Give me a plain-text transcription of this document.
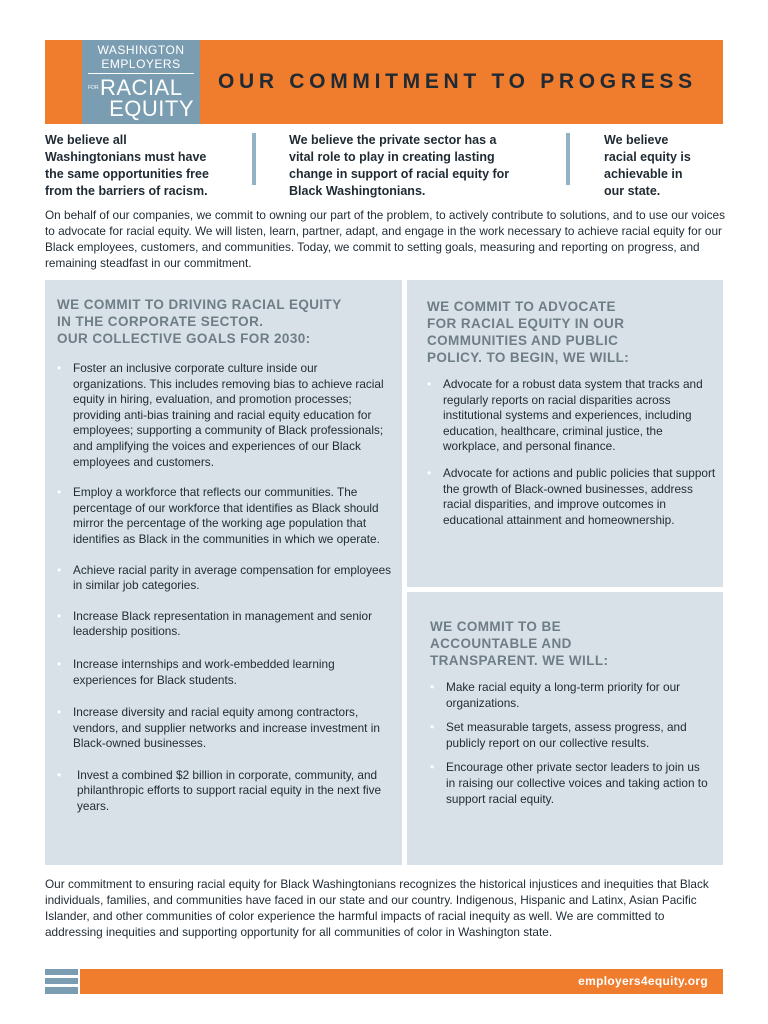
WASHINGTON
EMPLOYERS
FOR RACIAL
EQUITY
OUR COMMITMENT TO PROGRESS
We believe all
Washingtonians must have
the same opportunities free
from the barriers of racism.
We believe the private sector has a
vital role to play in creating lasting
change in support of racial equity for
Black Washingtonians.
We believe
racial equity is
achievable in
our state.
On behalf of our companies, we commit to owning our part of the problem, to actively contribute to solutions, and to use our voices to advocate for racial equity. We will listen, learn, partner, adapt, and engage in the work necessary to achieve racial equity for our Black employees, customers, and communities. Today, we commit to setting goals, measuring and reporting on progress, and remaining steadfast in our commitment.
WE COMMIT TO DRIVING RACIAL EQUITY
IN THE CORPORATE SECTOR.
OUR COLLECTIVE GOALS FOR 2030:
• Foster an inclusive corporate culture inside our organizations. This includes removing bias to achieve racial equity in hiring, evaluation, and promotion processes; providing anti-bias training and racial equity education for employees; supporting a community of Black professionals; and amplifying the voices and experiences of our Black employees and customers.
• Employ a workforce that reflects our communities. The percentage of our workforce that identifies as Black should mirror the percentage of the working age population that identifies as Black in the communities in which we operate.
• Achieve racial parity in average compensation for employees in similar job categories.
• Increase Black representation in management and senior leadership positions.
• Increase internships and work-embedded learning experiences for Black students.
• Increase diversity and racial equity among contractors, vendors, and supplier networks and increase investment in Black-owned businesses.
• Invest a combined $2 billion in corporate, community, and philanthropic efforts to support racial equity in the next five years.
WE COMMIT TO ADVOCATE
FOR RACIAL EQUITY IN OUR
COMMUNITIES AND PUBLIC
POLICY. TO BEGIN, WE WILL:
• Advocate for a robust data system that tracks and regularly reports on racial disparities across institutional systems and experiences, including education, healthcare, criminal justice, the workplace, and personal finance.
• Advocate for actions and public policies that support the growth of Black-owned businesses, address racial disparities, and improve outcomes in educational attainment and homeownership.
WE COMMIT TO BE
ACCOUNTABLE AND
TRANSPARENT. WE WILL:
• Make racial equity a long-term priority for our organizations.
• Set measurable targets, assess progress, and publicly report on our collective results.
• Encourage other private sector leaders to join us in raising our collective voices and taking action to support racial equity.
Our commitment to ensuring racial equity for Black Washingtonians recognizes the historical injustices and inequities that Black individuals, families, and communities have faced in our state and our country. Indigenous, Hispanic and Latinx, Asian Pacific Islander, and other communities of color experience the harmful impacts of racial inequity as well. We are committed to addressing inequities and supporting opportunity for all communities of color in Washington state.
employers4equity.org
